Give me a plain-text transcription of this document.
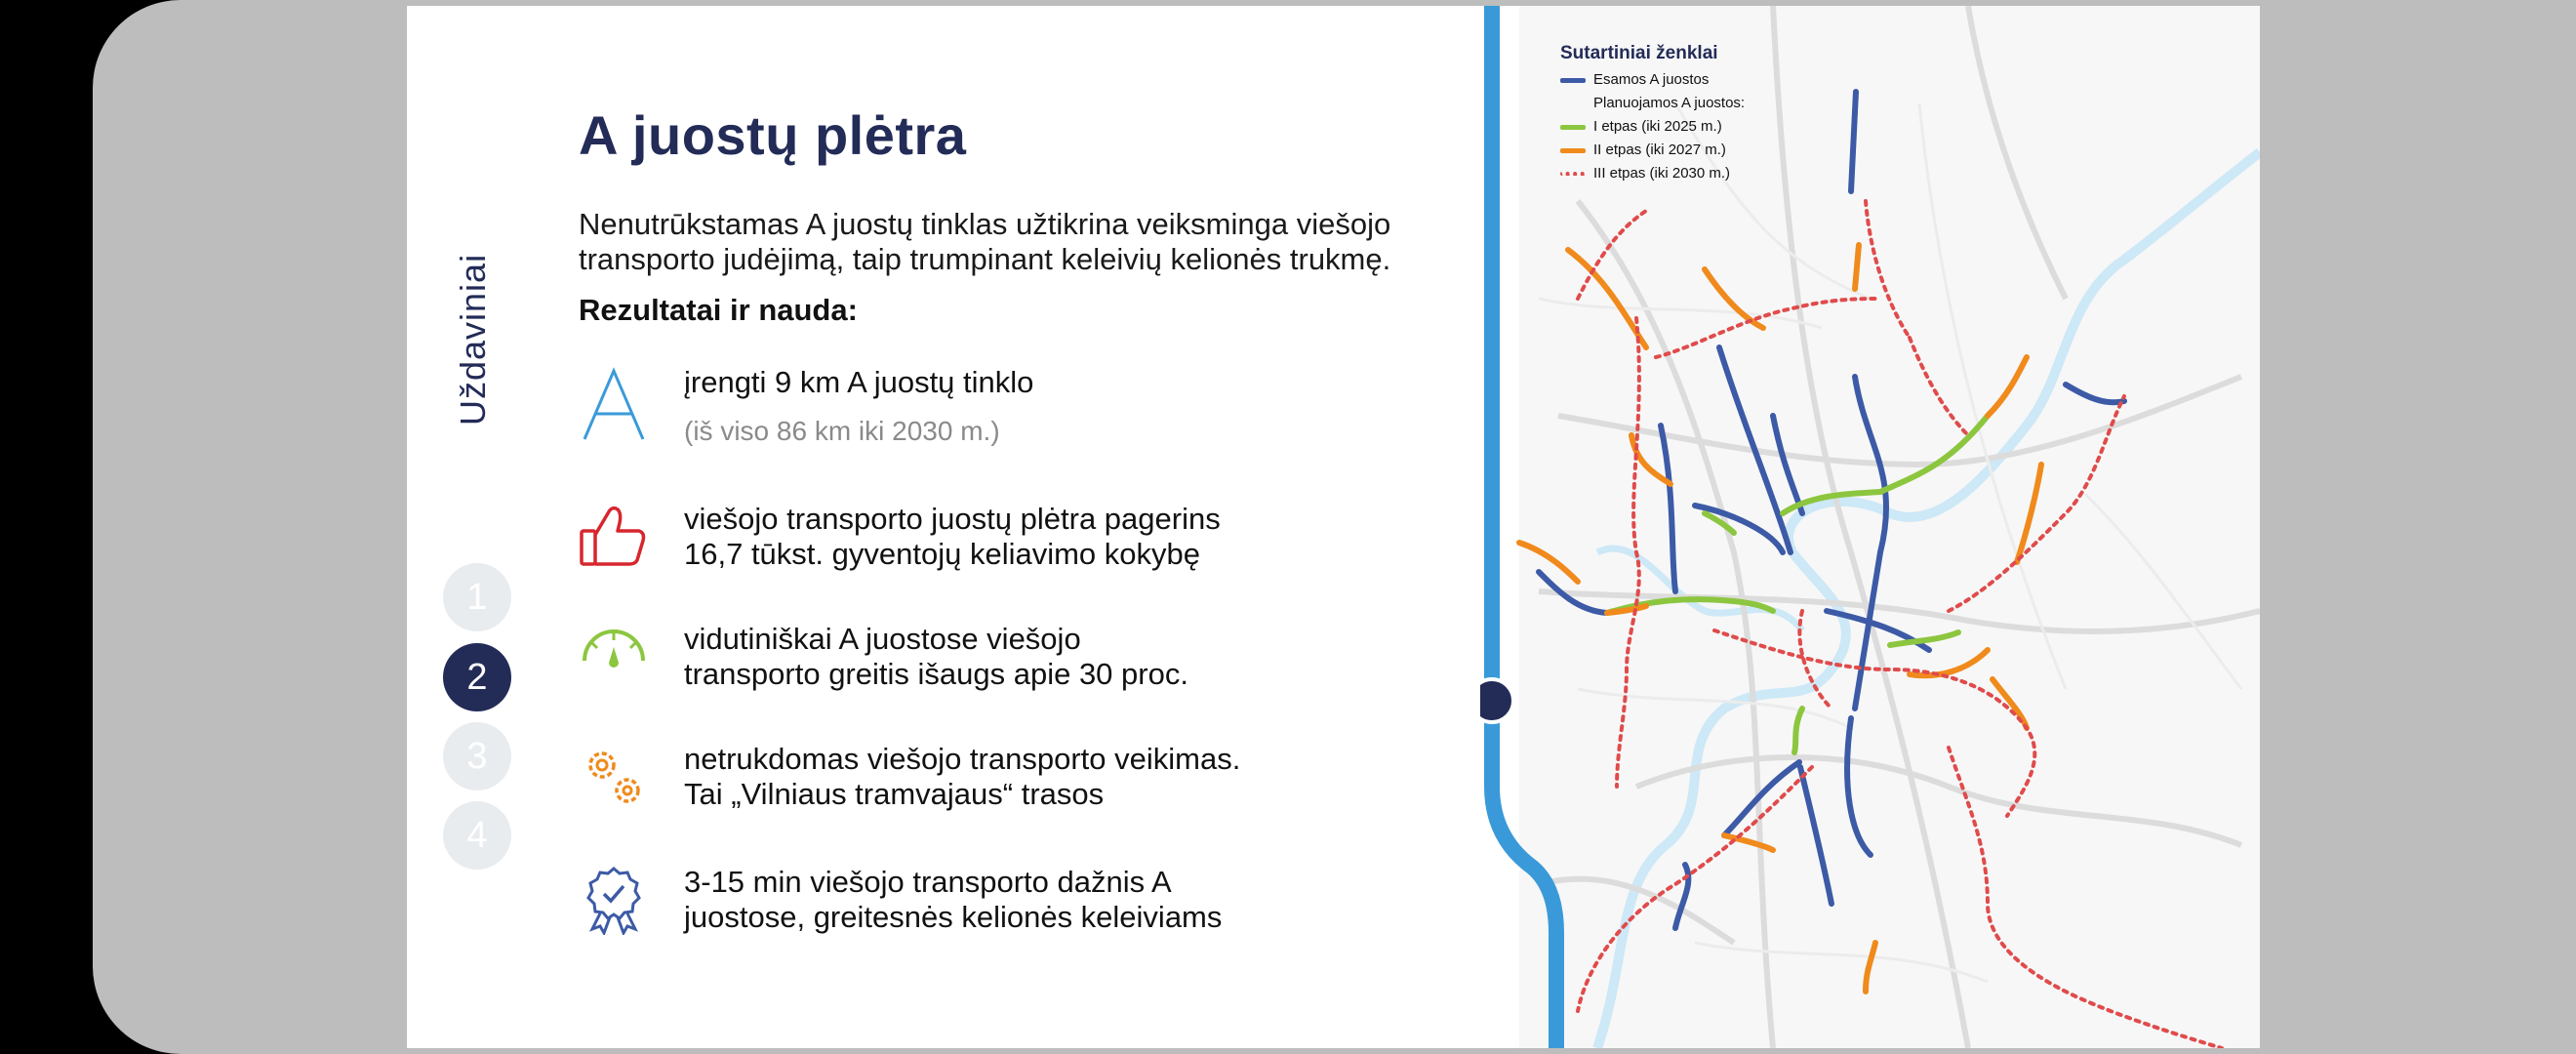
A juostų plėtra
Nenutrūkstamas A juostų tinklas užtikrina veiksminga viešojo transporto judėjimą, taip trumpinant keleivių kelionės trukmę.
Rezultatai ir nauda:
Uždaviniai
1
2
3
4
įrengti 9 km A juostų tinklo
(iš viso 86 km iki 2030 m.)
viešojo transporto juostų plėtra pagerins
16,7 tūkst. gyventojų keliavimo kokybę
vidutiniškai A juostose viešojo
transporto greitis išaugs apie 30 proc.
netrukdomas viešojo transporto veikimas.
Tai „Vilniaus tramvajaus“ trasos
3-15 min viešojo transporto dažnis A
juostose, greitesnės kelionės keleiviams
Sutartiniai ženklai
Esamos A juostos
Planuojamos A juostos:
I etpas (iki 2025 m.)
II etpas (iki 2027 m.)
III etpas (iki 2030 m.)
